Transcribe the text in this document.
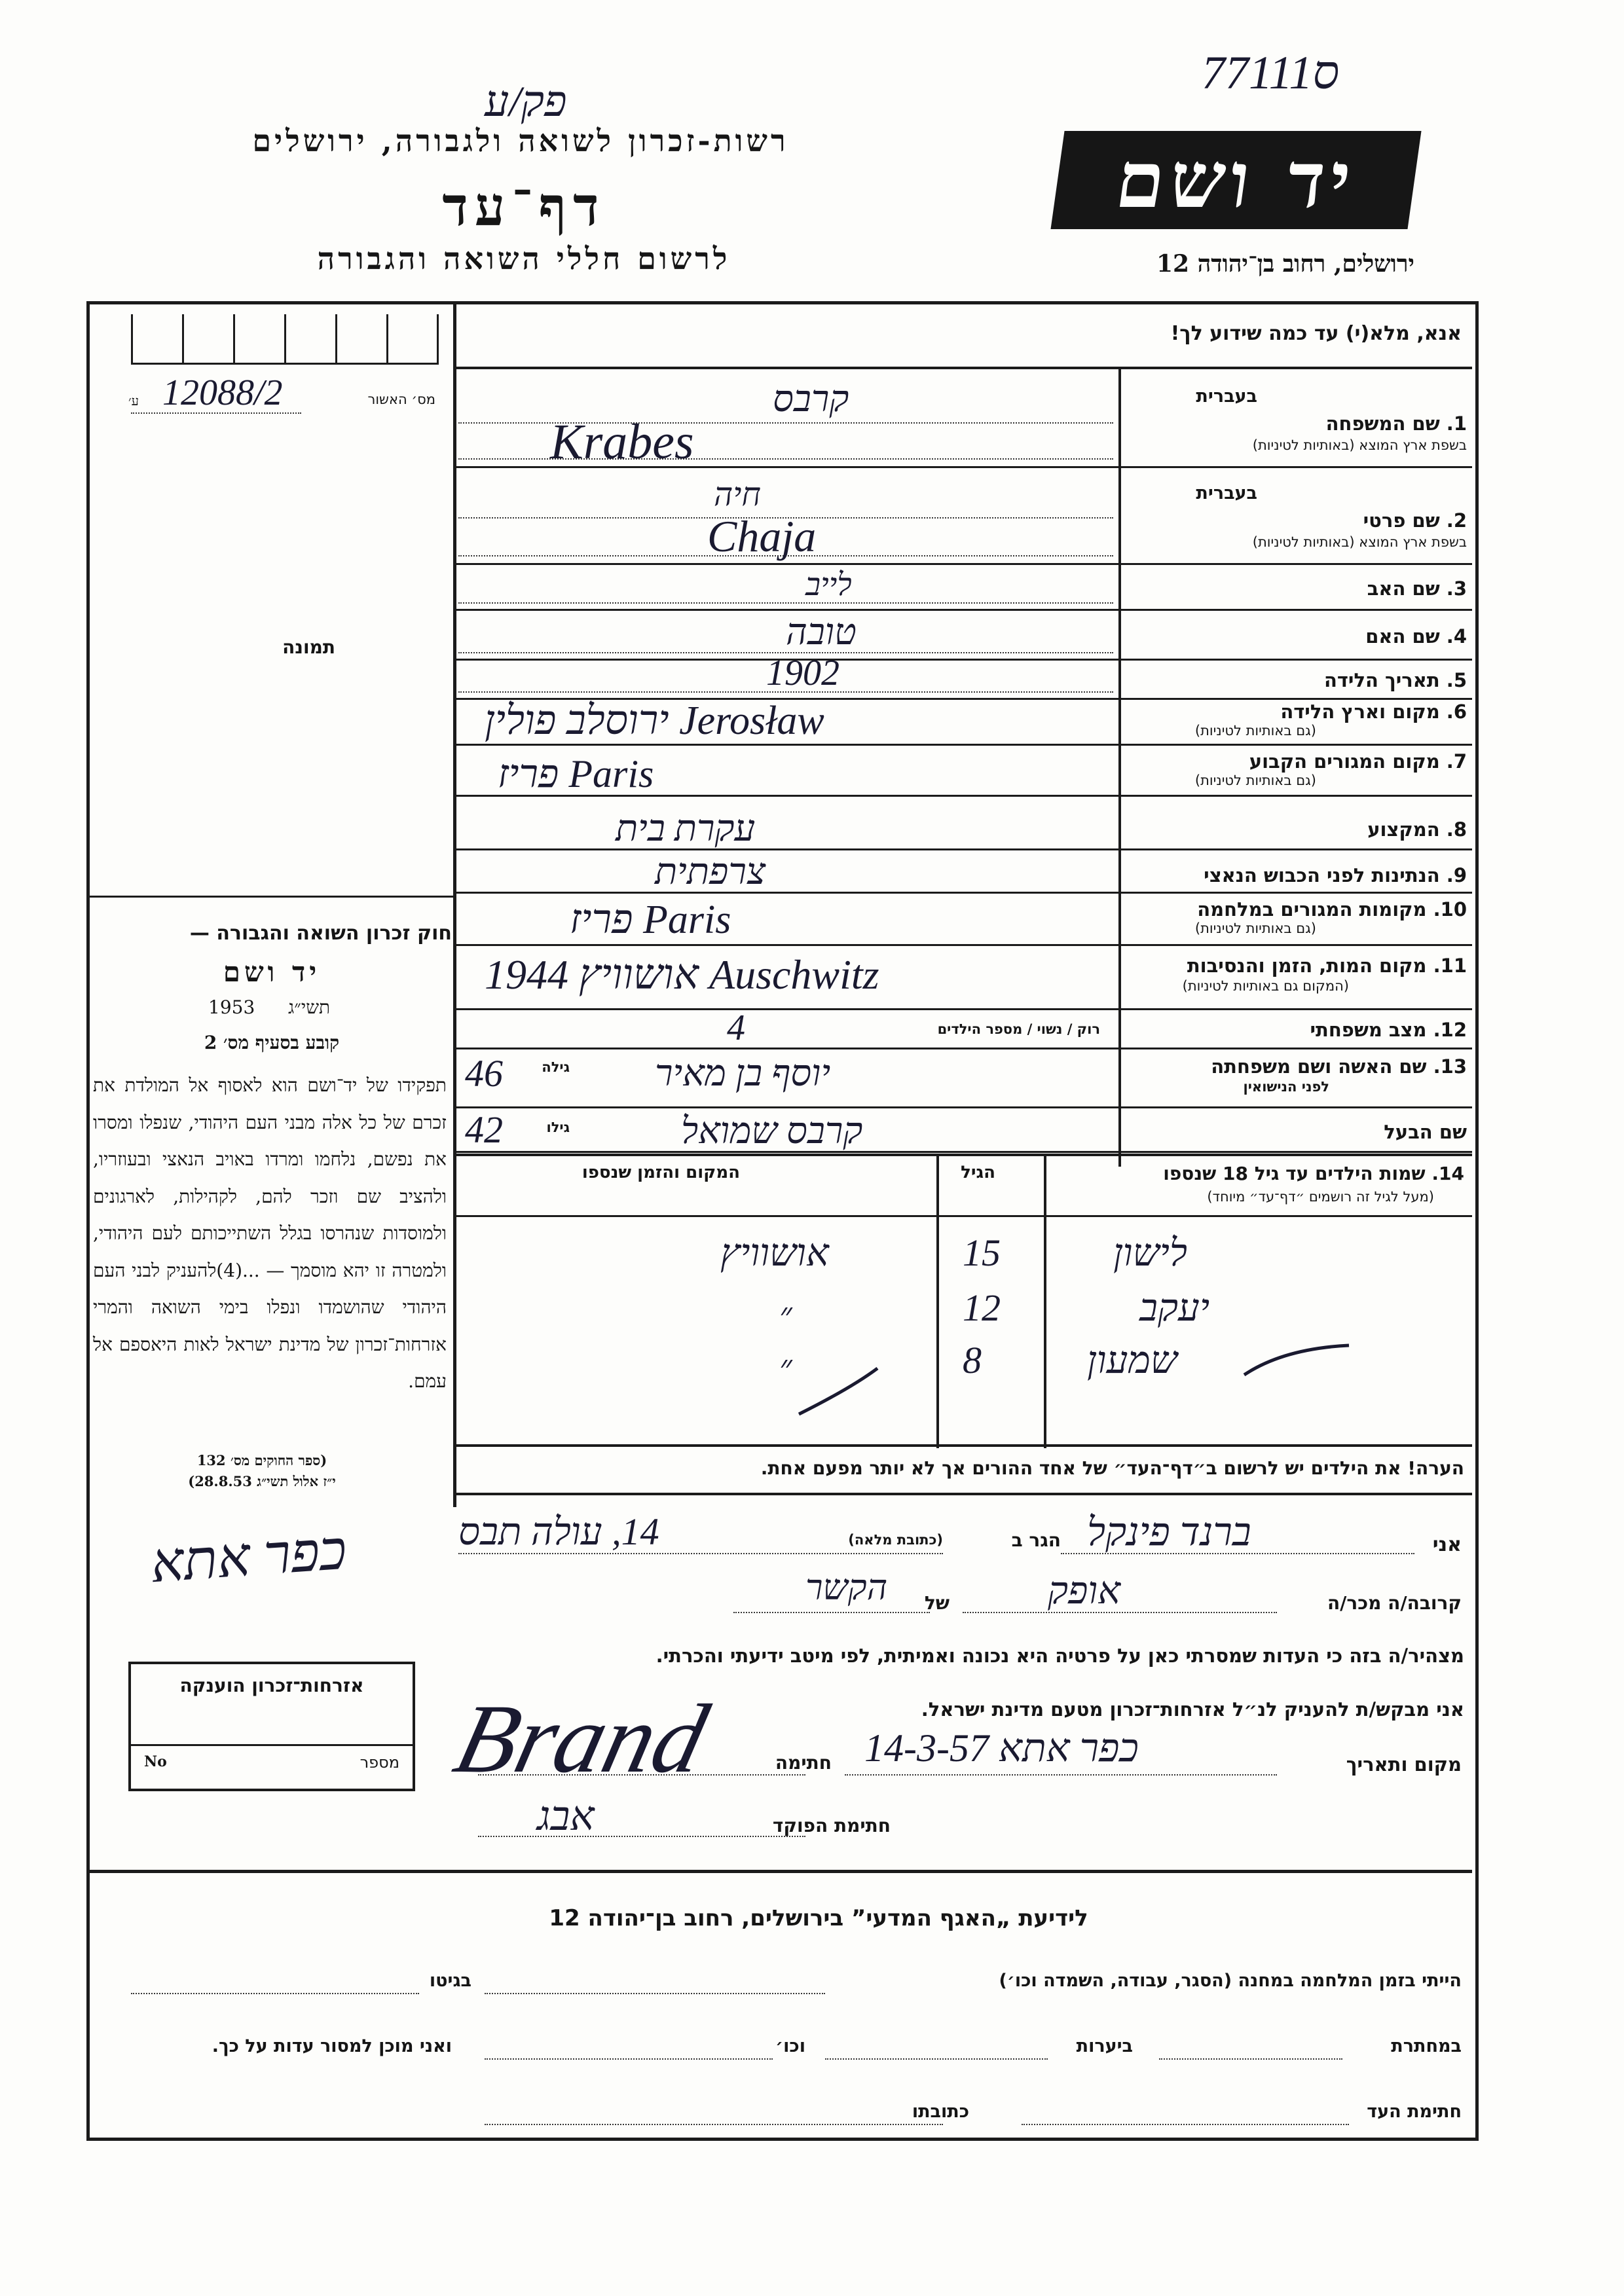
פק/ע
77ס111
רשות-זכרון לשואה ולגבורה, ירושלים
דף־עד
לרשום חללי השואה והגבורה
יד ושם
ירושלים, רחוב בן־יהודה 12
אנא, מלא(י) עד כמה שידוע לך!
מס׳ האשור
12088/2
ע׳
תמונה
חוק זכרון השואה והגבורה —
יד ושם
תשי״ג
1953
קובע בסעיף מס׳ 2
תפקידו של יד־ושם הוא לאסוף אל המולדת את זכרם של כל אלה מבני העם היהודי, שנפלו ומסרו את נפשם, נלחמו ומרדו באויב הנאצי ובעוזריו, ולהציב שם וזכר להם, לקהילות, לארגונים ולמוסדות שנהרסו בגלל השתייכותם לעם היהודי, ולמטרה זו יהא מוסמך — ...(4)להעניק לבני העם היהודי שהושמדו ונפלו בימי השואה והמרי אזרחות־זכרון של מדינת ישראל לאות היאספם אל עמם.
(ספר החוקים מס׳ 132
י״ז אלול תשי״ג 28.8.53)
בעברית
1. שם המשפחה
בשפת ארץ המוצא (באותיות לטיניות)
בעברית
2. שם פרטי
בשפת ארץ המוצא (באותיות לטיניות)
3. שם האב
4. שם האם
5. תאריך הלידה
6. מקום וארץ הלידה
(גם באותיות לטיניות)
7. מקום המגורים הקבוע
(גם באותיות לטיניות)
8. המקצוע
9. הנתינות לפני הכבוש הנאצי
10. מקומות המגורים במלחמה
(גם באותיות לטיניות)
11. מקום המות, הזמן והנסיבות
(המקום גם באותיות לטיניות)
12. מצב משפחתי
רוק / נשוי / מספר הילדים
13. שם האשה ושם משפחתה
לפני הנישואין
שם הבעל
גילה
גילו
קרבס
Krabes
חיה
Chaja
לייב
טובה
1902
ירוסלב פולין Jerosław
פריז Paris
עקרת בית
צרפתית
פריז Paris
אושוויץ 1944 Auschwitz
4
46	יוסף בן מאיר
42	קרבס שמואל
14. שמות הילדים עד גיל 18 שנספו
(מעל לגיל זה רושמים ״דף־עד״ מיוחד)
הגיל
המקום והזמן שנספו
לישון
15
אושוויץ
יעקב
12
״
שמעון
8
״
הערה! את הילדים יש לרשום ב״דף־העד״ של אחד ההורים אך לא יותר מפעם אחת.
אני
ברנד פינקל
הגר ב
(כתובת מלאה)
14, עולה תבס
קרובה/ה מכר/ה
אופק
של
הקשר
כפר אתא
מצהיר/ה בזה כי העדות שמסרתי כאן על פרטיה היא נכונה ואמיתית, לפי מיטב ידיעתי והכרתי.
אני מבקש/ת להעניק לנ״ל אזרחות־זכרון מטעם מדינת ישראל.
מקום ותאריך
כפר אתא 14-3-57
חתימה
Brand
חתימת הפוקד
אבג
אזרחות־זכרון הוענקה
מספר
No
לידיעת „האגף המדעי” בירושלים, רחוב בן־יהודה 12
הייתי בזמן המלחמה במחנה (הסגר, עבודה, השמדה וכו׳)
בגיטו
במחתרת
ביערות
וכו׳
ואני מוכן למסור עדות על כך.
חתימת העד
כתובתו
